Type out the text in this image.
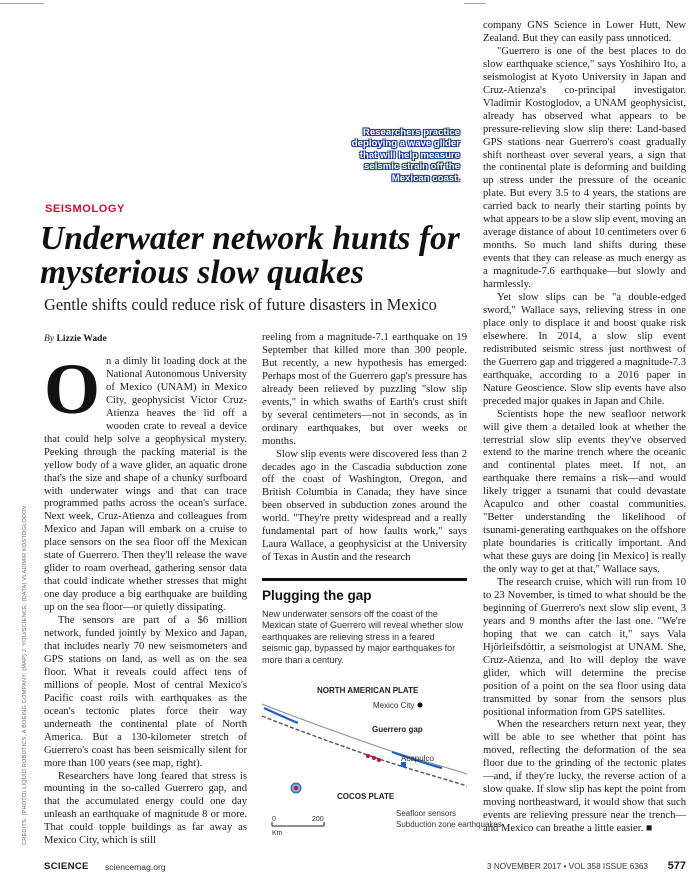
Researchers practice deploying a wave glider that will help measure seismic strain off the Mexican coast.
CREDITS: (PHOTO) LIQUID ROBOTICS, A BOEING COMPANY; (MAP) J. YOU/SCIENCE; (DATA) VLADIMIR KOSTOGLODOV
SEISMOLOGY
Underwater network hunts for mysterious slow quakes
Gentle shifts could reduce risk of future disasters in Mexico
By Lizzie Wade
O n a dimly lit loading dock at the National Autonomous University of Mexico (UNAM) in Mexico City, geophysicist Víctor Cruz-Atienza heaves the lid off a wooden crate to reveal a device that could help solve a geophysical mystery. Peeking through the packing material is the yellow body of a wave glider, an aquatic drone that's the size and shape of a chunky surfboard with underwater wings and that can trace programmed paths across the ocean's surface. Next week, Cruz-Atienza and colleagues from Mexico and Japan will embark on a cruise to place sensors on the sea floor off the Mexican state of Guerrero. Then they'll release the wave glider to roam overhead, gathering sensor data that could indicate whether stresses that might one day produce a big earthquake are building up on the sea floor—or quietly dissipating.

The sensors are part of a $6 million network, funded jointly by Mexico and Japan, that includes nearly 70 new seismometers and GPS stations on land, as well as on the sea floor. What it reveals could affect tens of millions of people. Most of central Mexico's Pacific coast roils with earthquakes as the ocean's tectonic plates force their way underneath the continental plate of North America. But a 130-kilometer stretch of Guerrero's coast has been seismically silent for more than 100 years (see map, right).

Researchers have long feared that stress is mounting in the so-called Guerrero gap, and that the accumulated energy could one day unleash an earthquake of magnitude 8 or more. That could topple buildings as far away as Mexico City, which is still

reeling from a magnitude-7.1 earthquake on 19 September that killed more than 300 people. But recently, a new hypothesis has emerged: Perhaps most of the Guerrero gap's pressure has already been relieved by puzzling "slow slip events," in which swaths of Earth's crust shift by several centimeters—not in seconds, as in ordinary earthquakes, but over weeks or months.

Slow slip events were discovered less than 2 decades ago in the Cascadia subduction zone off the coast of Washington, Oregon, and British Columbia in Canada; they have since been observed in subduction zones around the world. "They're pretty widespread and a really fundamental part of how faults work," says Laura Wallace, a geophysicist at the University of Texas in Austin and the research

company GNS Science in Lower Hutt, New Zealand. But they can easily pass unnoticed.

"Guerrero is one of the best places to do slow earthquake science," says Yoshihiro Ito, a seismologist at Kyoto University in Japan and Cruz-Atienza's co-principal investigator. Vladimir Kostoglodov, a UNAM geophysicist, already has observed what appears to be pressure-relieving slow slip there: Land-based GPS stations near Guerrero's coast gradually shift northeast over several years, a sign that the continental plate is deforming and building up stress under the pressure of the oceanic plate. But every 3.5 to 4 years, the stations are carried back to nearly their starting points by what appears to be a slow slip event, moving an average distance of about 10 centimeters over 6 months. So much land shifts during these events that they can release as much energy as a magnitude-7.6 earthquake—but slowly and harmlessly.

Yet slow slips can be "a double-edged sword," Wallace says, relieving stress in one place only to displace it and boost quake risk elsewhere. In 2014, a slow slip event redistributed seismic stress just northwest of the Guerrero gap and triggered a magnitude-7.3 earthquake, according to a 2016 paper in Nature Geoscience. Slow slip events have also preceded major quakes in Japan and Chile.

Scientists hope the new seafloor network will give them a detailed look at whether the terrestrial slow slip events they've observed extend to the marine trench where the oceanic and continental plates meet. If not, an earthquake there remains a risk—and would likely trigger a tsunami that could devastate Acapulco and other coastal communities. "Better understanding the likelihood of tsunami-generating earthquakes on the offshore plate boundaries is critically important. And what these guys are doing [in Mexico] is really the only way to get at that," Wallace says.

The research cruise, which will run from 10 to 23 November, is timed to what should be the beginning of Guerrero's next slow slip event, 3 years and 9 months after the last one. "We're hoping that we can catch it," says Vala Hjörleifsdóttir, a seismologist at UNAM. She, Cruz-Atienza, and Ito will deploy the wave glider, which will determine the precise position of a point on the sea floor using data transmitted by sonar from the sensors plus positional information from GPS satellites.

When the researchers return next year, they will be able to see whether that point has moved, reflecting the deformation of the sea floor due to the grinding of the tectonic plates—and, if they're lucky, the reverse action of a slow quake. If slow slip has kept the point from moving northeastward, it would show that such events are relieving pressure near the trench—and Mexico can breathe a little easier. ■

Plugging the gap
New underwater sensors off the coast of the Mexican state of Guerrero will reveal whether slow earthquakes are relieving stress in a feared seismic gap, bypassed by major earthquakes for more than a century.
NORTH AMERICAN PLATE
Mexico City
Guerrero gap
Acapulco
COCOS PLATE
Seafloor sensors
Subduction zone earthquakes
0	200
Km
SCIENCE sciencemag.org	3 NOVEMBER 2017 • VOL 358 ISSUE 6363 577
